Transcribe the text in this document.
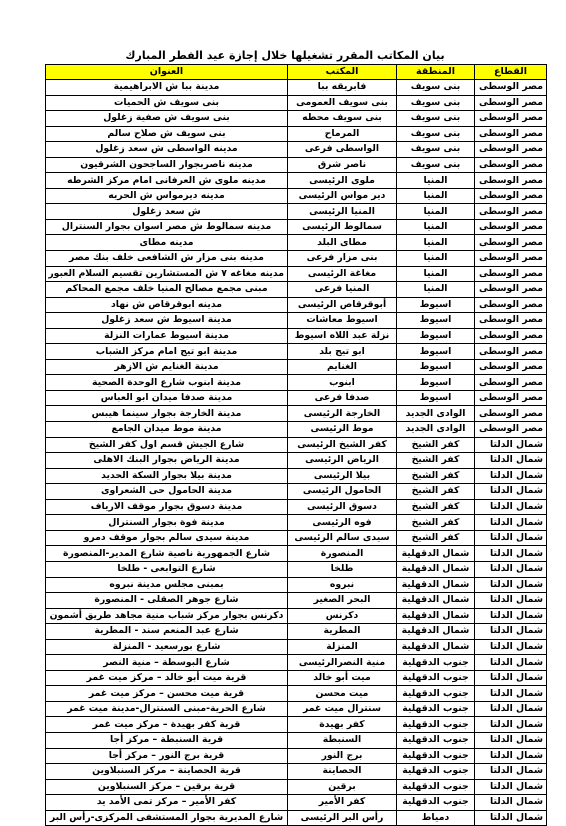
بيان المكاتب المقرر تشغيلها خلال إجازة عيد الفطر المبارك
القطاع	المنطقة	المكتب	العنوان
مصر الوسطى	بنى سويف	فابريقه ببا	مدينة ببا ش الابراهيمية
مصر الوسطى	بنى سويف	بنى سويف العمومى	بنى سويف ش الحميات
مصر الوسطى	بنى سويف	بنى سويف محطه	بنى سويف ش صفية زغلول
مصر الوسطى	بنى سويف	المرماح	بنى سويف ش صلاح سالم
مصر الوسطى	بنى سويف	الواسطى فرعى	مدينه الواسطى ش سعد زغلول
مصر الوسطى	بنى سويف	ناصر شرق	مدينه ناصربجوار الساجحون الشرقيون
مصر الوسطى	المنيا	ملوى الرئيسى	مدينه ملوى ش العرفانى امام مركز الشرطه
مصر الوسطى	المنيا	دير مواس الرئيسى	مدينه ديرمواس ش الحريه
مصر الوسطى	المنيا	المنيا الرئيسى	ش سعد زغلول
مصر الوسطى	المنيا	سمالوط الرئيسى	مدينه سمالوط ش مصر اسوان بجوار السنترال
مصر الوسطى	المنيا	مطاى البلد	مدينه مطاى
مصر الوسطى	المنيا	بنى مزار فرعى	مدينه بنى مزار ش الشافعى خلف بنك مصر
مصر الوسطى	المنيا	مغاغة الرئيسى	مدينه مغاغه ٧ ش المستشارين تقسيم السلام العبور
مصر الوسطى	المنيا	المنيا فرعى	مبنى مجمع مصالح المنيا خلف مجمع المحاكم
مصر الوسطى	اسيوط	أبوقرقاص الرئيسى	مدينه ابوقرقاص ش نهاد
مصر الوسطى	اسيوط	اسيوط معاشات	مدينة اسيوط ش سعد زغلول
مصر الوسطى	اسيوط	نزلة عبد اللاه اسيوط	مدينة اسيوط عمارات النزلة
مصر الوسطى	اسيوط	ابو تيج بلد	مدينة ابو تيج امام مركز الشباب
مصر الوسطى	اسيوط	الغنايم	مدينة الغنايم ش الازهر
مصر الوسطى	اسيوط	ابنوب	مدينة ابنوب شارع الوحدة الصحية
مصر الوسطى	اسيوط	صدفا فرعى	مدينة صدفا ميدان ابو العباس
مصر الوسطى	الوادى الجديد	الخارجة الرئيسى	مدينة الخارجة بجوار سينما هيبس
مصر الوسطى	الوادى الجديد	موط الرئيسى	مدينة موط ميدان الجامع
شمال الدلتا	كفر الشيخ	كفر الشيخ الرئيسى	شارع الجيش قسم اول كفر الشيخ
شمال الدلتا	كفر الشيخ	الرياض الرئيسى	مدينة الرياض بجوار البنك الاهلى
شمال الدلتا	كفر الشيخ	بيلا الرئيسى	مدينة بيلا بجوار السكة الحديد
شمال الدلتا	كفر الشيخ	الحامول الرئيسى	مدينة الحامول حى الشعراوى
شمال الدلتا	كفر الشيخ	دسوق الرئيسى	مدينة دسوق بجوار موقف الارياف
شمال الدلتا	كفر الشيخ	فوه الرئيسى	مدينة فوة بجوار السنترال
شمال الدلتا	كفر الشيخ	سيدى سالم الرئيسى	مدينة سيدى سالم بجوار موقف دمرو
شمال الدلتا	شمال الدقهلية	المنصورة	شارع الجمهورية ناصية شارع المدير-المنصورة
شمال الدلتا	شمال الدقهلية	طلخا	شارع التوابعى - طلخا
شمال الدلتا	شمال الدقهلية	نبروه	بمبنى مجلس مدينة نبروه
شمال الدلتا	شمال الدقهلية	البحر الصغير	شارع جوهر الصقلى - المنصورة
شمال الدلتا	شمال الدقهلية	دكرنس	دكرنس بجوار مركز شباب منية مجاهد طريق أشمون
شمال الدلتا	شمال الدقهلية	المطرية	شارع عبد المنعم سند - المطرية
شمال الدلتا	شمال الدقهلية	المنزلة	شارع بورسعيد - المنزلة
شمال الدلتا	جنوب الدقهلية	منية النصرالرئيسى	شارع البوسطة – منية النصر
شمال الدلتا	جنوب الدقهلية	ميت أبو خالد	قرية ميت أبو خالد – مركز ميت غمر
شمال الدلتا	جنوب الدقهلية	ميت محسن	قرية ميت محسن – مركز ميت غمر
شمال الدلتا	جنوب الدقهلية	سنترال ميت غمر	شارع الحرية-مبنى السنترال-مدينة ميت غمر
شمال الدلتا	جنوب الدقهلية	كفر بهيدة	قرية كفر بهيدة – مركز ميت غمر
شمال الدلتا	جنوب الدقهلية	السنبطة	قرية السنبطة – مركز أجا
شمال الدلتا	جنوب الدقهلية	برج النور	قرية برج النور – مركز أجا
شمال الدلتا	جنوب الدقهلية	الحصاينة	قرية الحصاينة – مركز السنبلاوين
شمال الدلتا	جنوب الدقهلية	برقين	قرية برقين – مركز السنبلاوين
شمال الدلتا	جنوب الدقهلية	كفر الأمير	كفر الأمير – مركز تمى الأمد يد
شمال الدلتا	دمياط	رأس البر الرئيسى	شارع المديرية بجوار المستشفى المركزى-رأس البر
